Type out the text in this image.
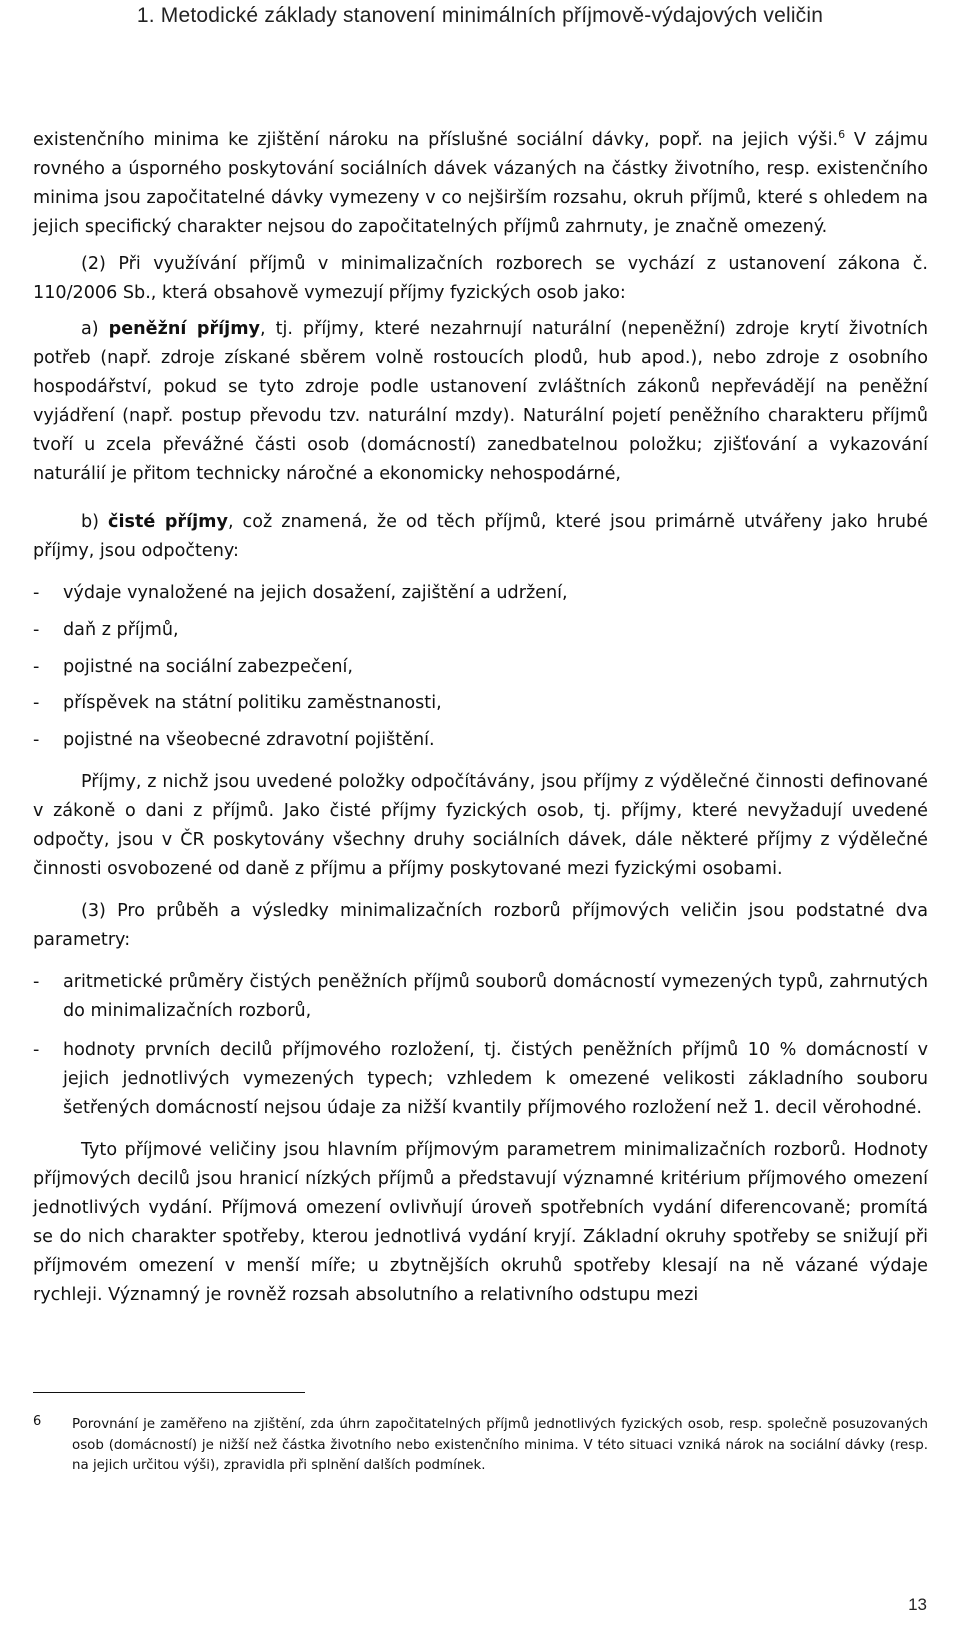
1. Metodické základy stanovení minimálních příjmově-výdajových veličin

existenčního minima ke zjištění nároku na příslušné sociální dávky, popř. na jejich výši.$^6$ V zájmu rovného a úsporného poskytování sociálních dávek vázaných na částky životního, resp. existenčního minima jsou započitatelné dávky vymezeny v co nejširším rozsahu, okruh příjmů, které s ohledem na jejich specifický charakter nejsou do započitatelných příjmů zahrnuty, je značně omezený.

(2) Při využívání příjmů v minimalizačních rozborech se vychází z ustanovení zákona č. 110/2006 Sb., která obsahově vymezují příjmy fyzických osob jako:

a) peněžní příjmy, tj. příjmy, které nezahrnují naturální (nepeněžní) zdroje krytí životních potřeb (např. zdroje získané sběrem volně rostoucích plodů, hub apod.), nebo zdroje z osobního hospodářství, pokud se tyto zdroje podle ustanovení zvláštních zákonů nepřevádějí na peněžní vyjádření (např. postup převodu tzv. naturální mzdy). Naturální pojetí peněžního charakteru příjmů tvoří u zcela převážné části osob (domácností) zanedbatelnou položku; zjišťování a vykazování naturálií je přitom technicky náročné a ekonomicky nehospodárné,

b) čisté příjmy, což znamená, že od těch příjmů, které jsou primárně utvářeny jako hrubé příjmy, jsou odpočteny:

- výdaje vynaložené na jejich dosažení, zajištění a udržení,
- daň z příjmů,
- pojistné na sociální zabezpečení,
- příspěvek na státní politiku zaměstnanosti,
- pojistné na všeobecné zdravotní pojištění.

Příjmy, z nichž jsou uvedené položky odpočítávány, jsou příjmy z výdělečné činnosti definované v zákoně o dani z příjmů. Jako čisté příjmy fyzických osob, tj. příjmy, které nevyžadují uvedené odpočty, jsou v ČR poskytovány všechny druhy sociálních dávek, dále některé příjmy z výdělečné činnosti osvobozené od daně z příjmu a příjmy poskytované mezi fyzickými osobami.

(3) Pro průběh a výsledky minimalizačních rozborů příjmových veličin jsou podstatné dva parametry:

- aritmetické průměry čistých peněžních příjmů souborů domácností vymezených typů, zahrnutých do minimalizačních rozborů,
- hodnoty prvních decilů příjmového rozložení, tj. čistých peněžních příjmů 10 % domácností v jejich jednotlivých vymezených typech; vzhledem k omezené velikosti základního souboru šetřených domácností nejsou údaje za nižší kvantily příjmového rozložení než 1. decil věrohodné.

Tyto příjmové veličiny jsou hlavním příjmovým parametrem minimalizačních rozborů. Hodnoty příjmových decilů jsou hranicí nízkých příjmů a představují významné kritérium příjmového omezení jednotlivých vydání. Příjmová omezení ovlivňují úroveň spotřebních vydání diferencovaně; promítá se do nich charakter spotřeby, kterou jednotlivá vydání kryjí. Základní okruhy spotřeby se snižují při příjmovém omezení v menší míře; u zbytnějších okruhů spotřeby klesají na ně vázané výdaje rychleji. Významný je rovněž rozsah absolutního a relativního odstupu mezi

6 Porovnání je zaměřeno na zjištění, zda úhrn započitatelných příjmů jednotlivých fyzických osob, resp. společně posuzovaných osob (domácností) je nižší než částka životního nebo existenčního minima. V této situaci vzniká nárok na sociální dávky (resp. na jejich určitou výši), zpravidla při splnění dalších podmínek.
13
